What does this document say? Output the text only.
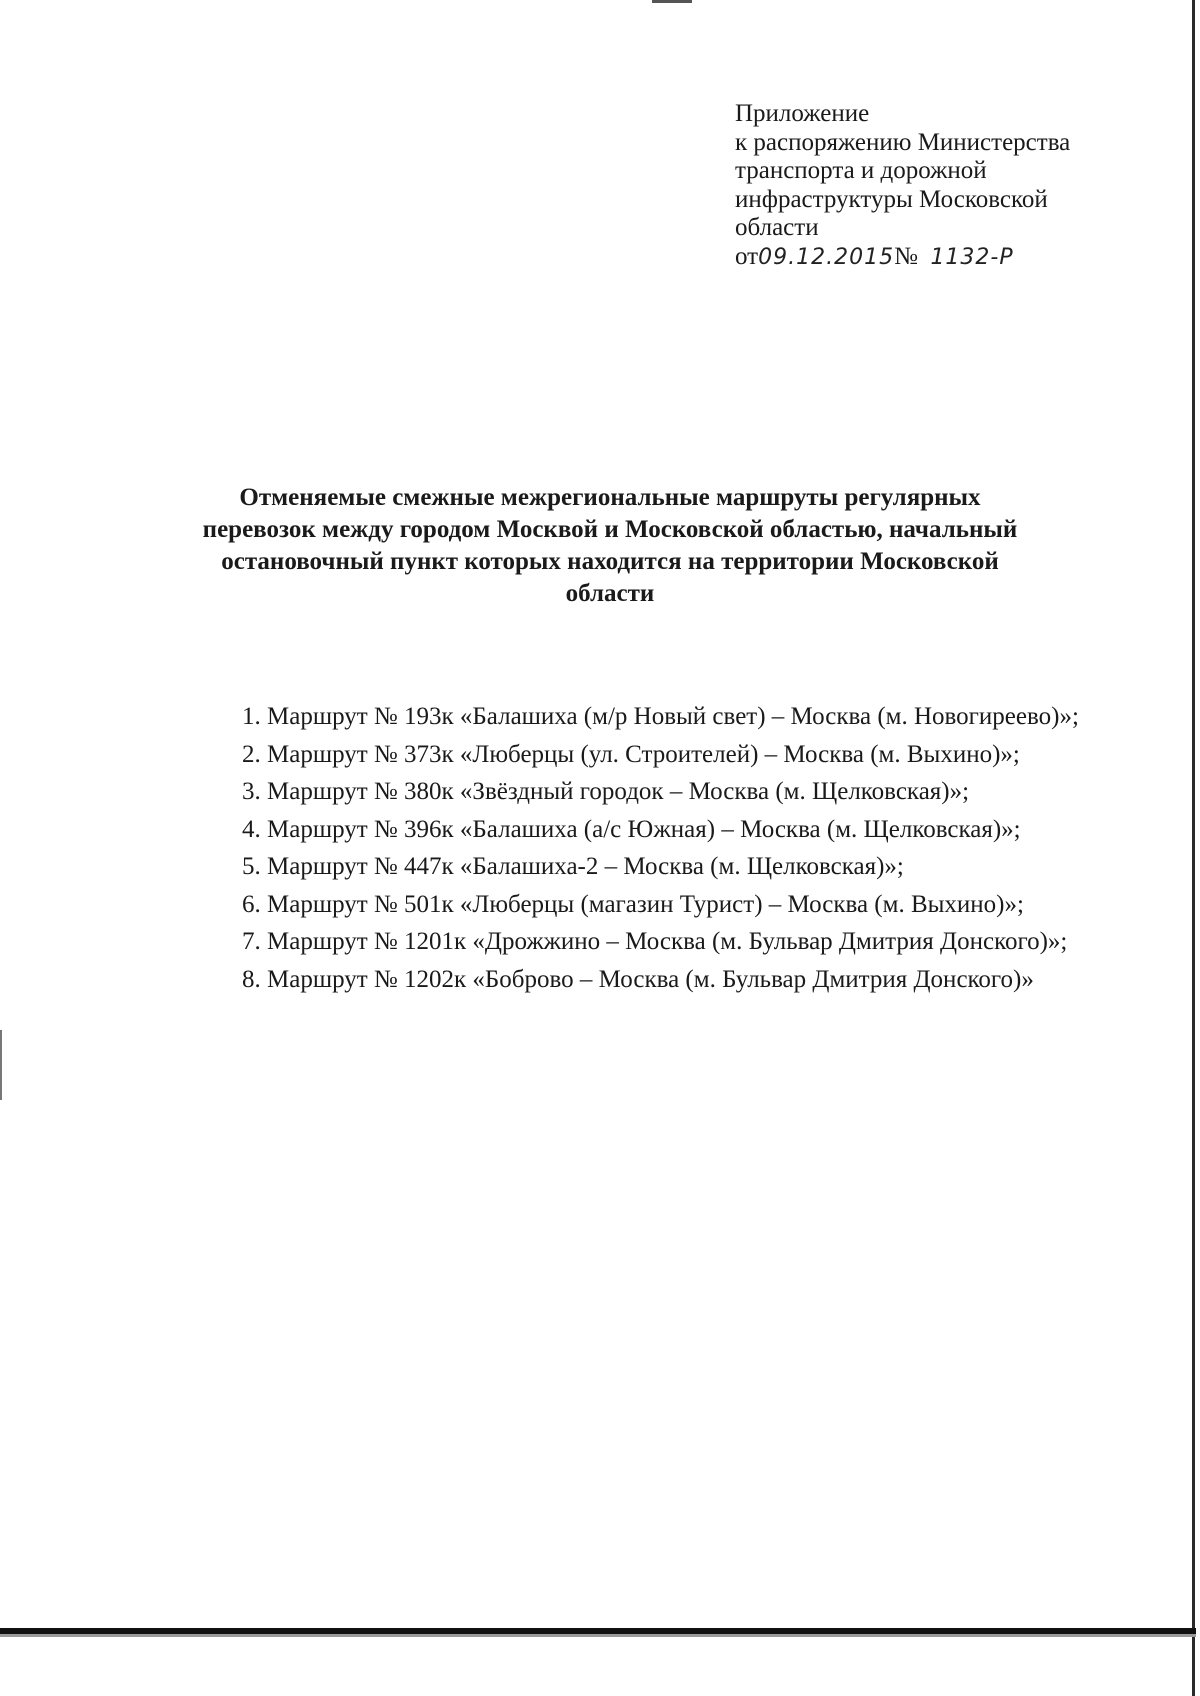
Приложение
к распоряжению Министерства
транспорта и дорожной
инфраструктуры Московской
области
от09.12.2015№ 1132-Р
Отменяемые смежные межрегиональные маршруты регулярных
перевозок между городом Москвой и Московской областью, начальный
остановочный пункт которых находится на территории Московской
области
1. Маршрут № 193к «Балашиха (м/р Новый свет) – Москва (м. Новогиреево)»;
2. Маршрут № 373к «Люберцы (ул. Строителей) – Москва (м. Выхино)»;
3. Маршрут № 380к «Звёздный городок – Москва (м. Щелковская)»;
4. Маршрут № 396к «Балашиха (а/с Южная) – Москва (м. Щелковская)»;
5. Маршрут № 447к «Балашиха-2 – Москва (м. Щелковская)»;
6. Маршрут № 501к «Люберцы (магазин Турист) – Москва (м. Выхино)»;
7. Маршрут № 1201к «Дрожжино – Москва (м. Бульвар Дмитрия Донского)»;
8. Маршрут № 1202к «Боброво – Москва (м. Бульвар Дмитрия Донского)»
